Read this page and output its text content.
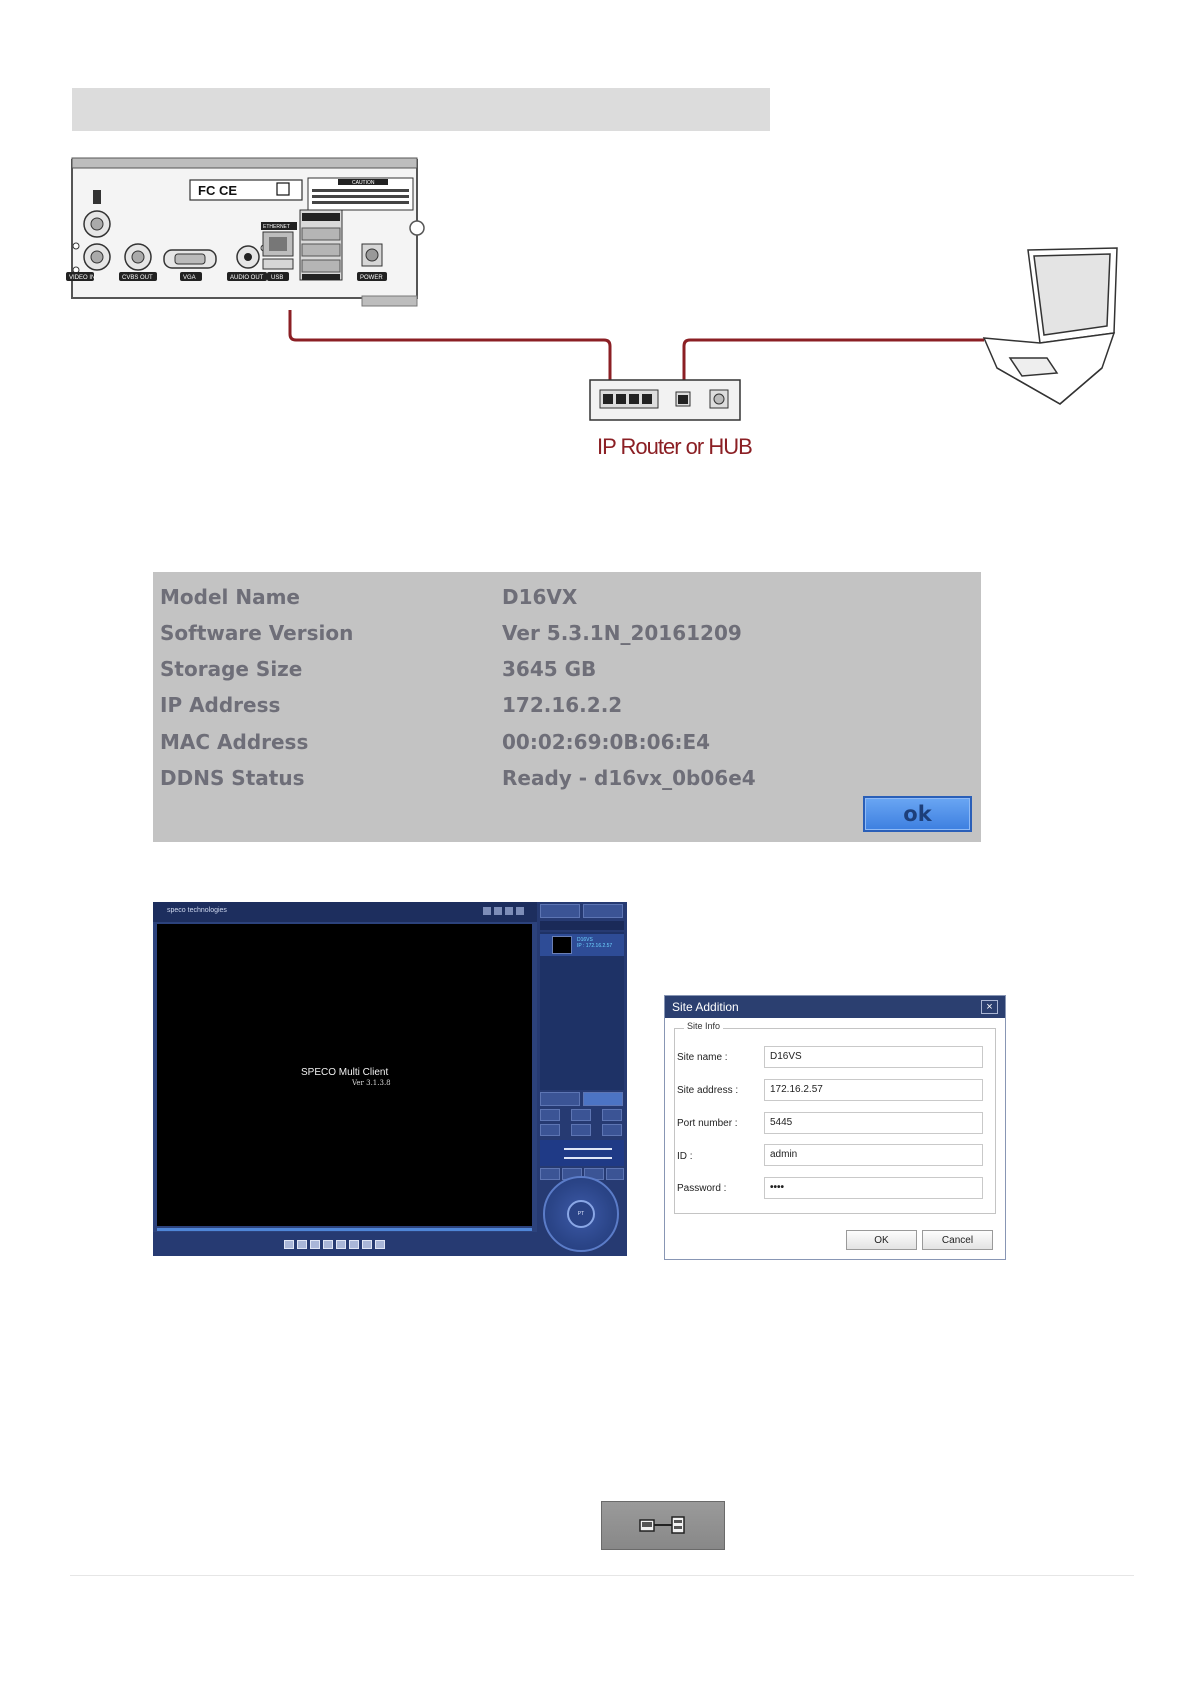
FC CE	CAUTION
ETHERNET
VIDEO IN	CVBS OUT	VGA	AUDIO OUT USB	POWER
IP Router or HUB
Model Name	D16VX
Software Version	Ver 5.3.1N_20161209
Storage Size	3645 GB
IP Address	172.16.2.2
MAC Address	00:02:69:0B:06:E4
DDNS Status	Ready - d16vx_0b06e4
ok
speco technologies
SPECO Multi Client
Ver 3.1.3.8
D16VS
IP : 172.16.2.57
PT
Site Addition	×
Site Info
Site name :	D16VS
Site address :	172.16.2.57
Port number :	5445
ID :	admin
Password :	••••
OK	Cancel
